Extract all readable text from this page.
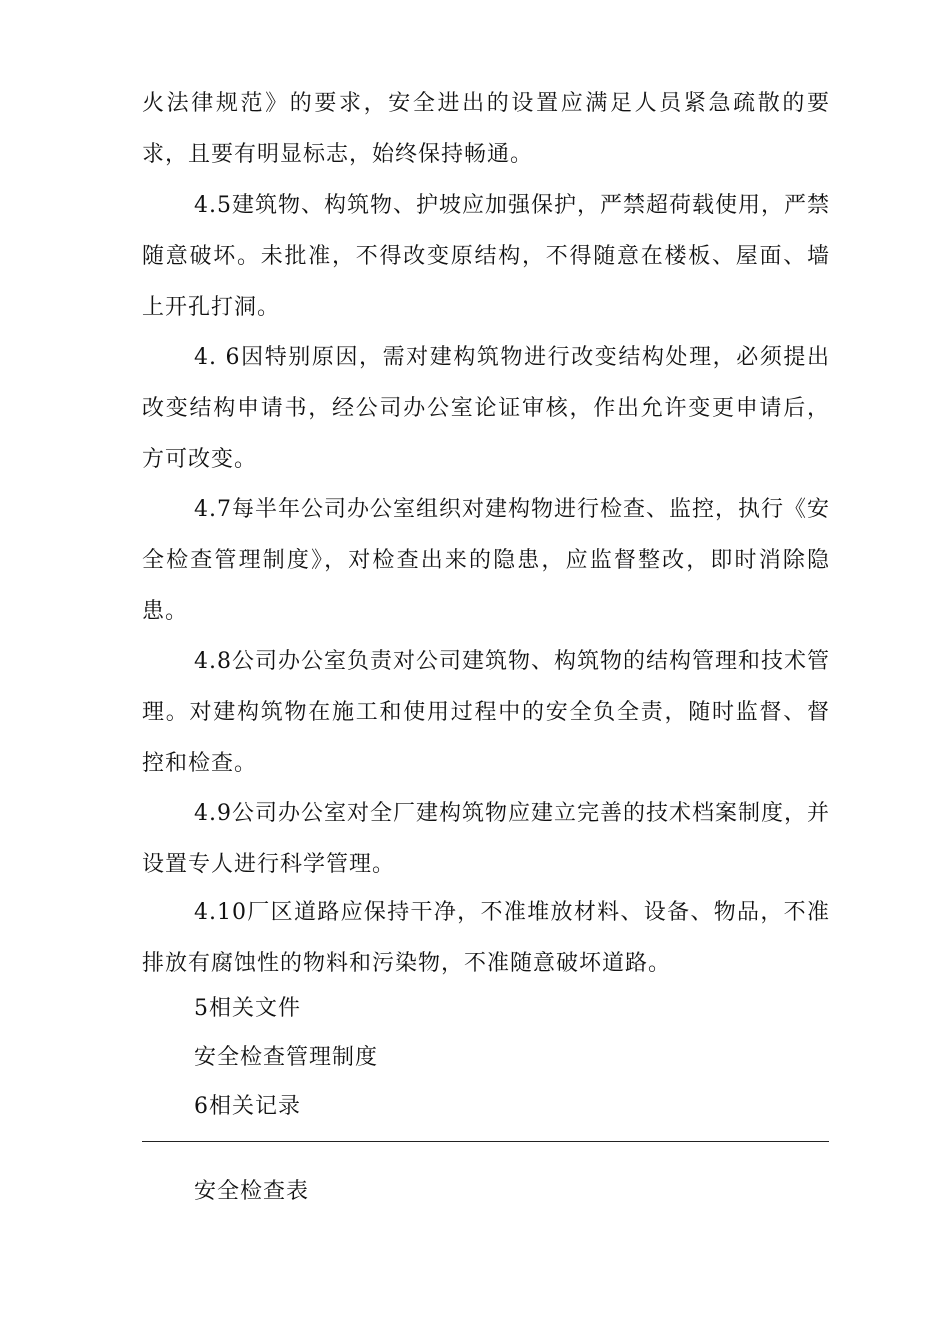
火法律规范》的要求，安全进出的设置应满足人员紧急疏散的要求，且要有明显标志，始终保持畅通。

4.5建筑物、构筑物、护坡应加强保护，严禁超荷载使用，严禁随意破坏。未批准，不得改变原结构，不得随意在楼板、屋面、墙上开孔打洞。

4. 6因特别原因，需对建构筑物进行改变结构处理，必须提出改变结构申请书，经公司办公室论证审核，作出允许变更申请后，方可改变。

4.7每半年公司办公室组织对建构物进行检查、监控，执行《安全检查管理制度》，对检查出来的隐患，应监督整改，即时消除隐患。

4.8公司办公室负责对公司建筑物、构筑物的结构管理和技术管理。对建构筑物在施工和使用过程中的安全负全责，随时监督、督控和检查。

4.9公司办公室对全厂建构筑物应建立完善的技术档案制度，并设置专人进行科学管理。

4.10厂区道路应保持干净，不准堆放材料、设备、物品，不准排放有腐蚀性的物料和污染物，不准随意破坏道路。

5相关文件

安全检查管理制度

6相关记录

安全检查表
